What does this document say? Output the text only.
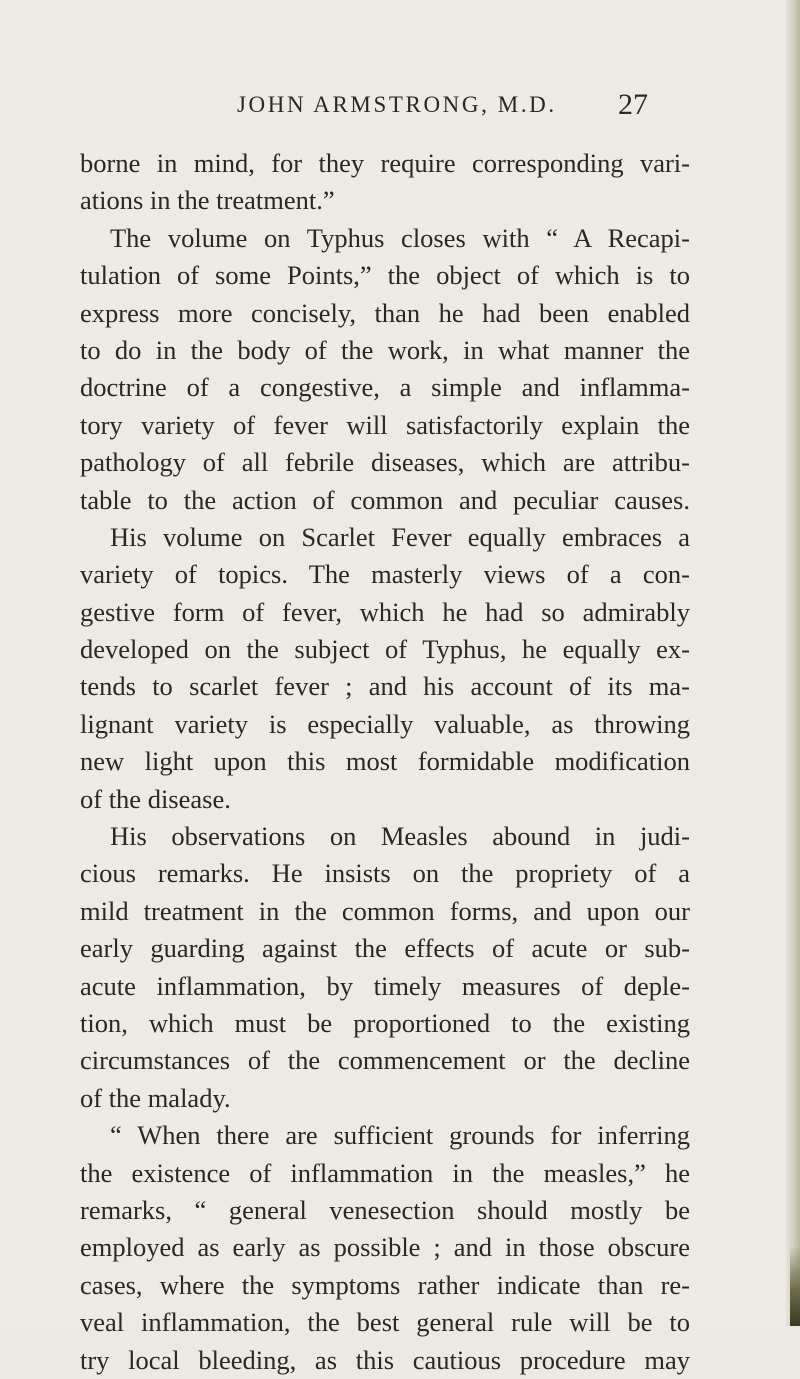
JOHN ARMSTRONG, M.D. 27
borne in mind, for they require corresponding vari-
ations in the treatment.”
The volume on Typhus closes with “ A Recapi-
tulation of some Points,” the object of which is to
express more concisely, than he had been enabled
to do in the body of the work, in what manner the
doctrine of a congestive, a simple and inflamma-
tory variety of fever will satisfactorily explain the
pathology of all febrile diseases, which are attribu-
table to the action of common and peculiar causes.
His volume on Scarlet Fever equally embraces a
variety of topics. The masterly views of a con-
gestive form of fever, which he had so admirably
developed on the subject of Typhus, he equally ex-
tends to scarlet fever ; and his account of its ma-
lignant variety is especially valuable, as throwing
new light upon this most formidable modification
of the disease.
His observations on Measles abound in judi-
cious remarks. He insists on the propriety of a
mild treatment in the common forms, and upon our
early guarding against the effects of acute or sub-
acute inflammation, by timely measures of deple-
tion, which must be proportioned to the existing
circumstances of the commencement or the decline
of the malady.
“ When there are sufficient grounds for inferring
the existence of inflammation in the measles,” he
remarks, “ general venesection should mostly be
employed as early as possible ; and in those obscure
cases, where the symptoms rather indicate than re-
veal inflammation, the best general rule will be to
try local bleeding, as this cautious procedure may
